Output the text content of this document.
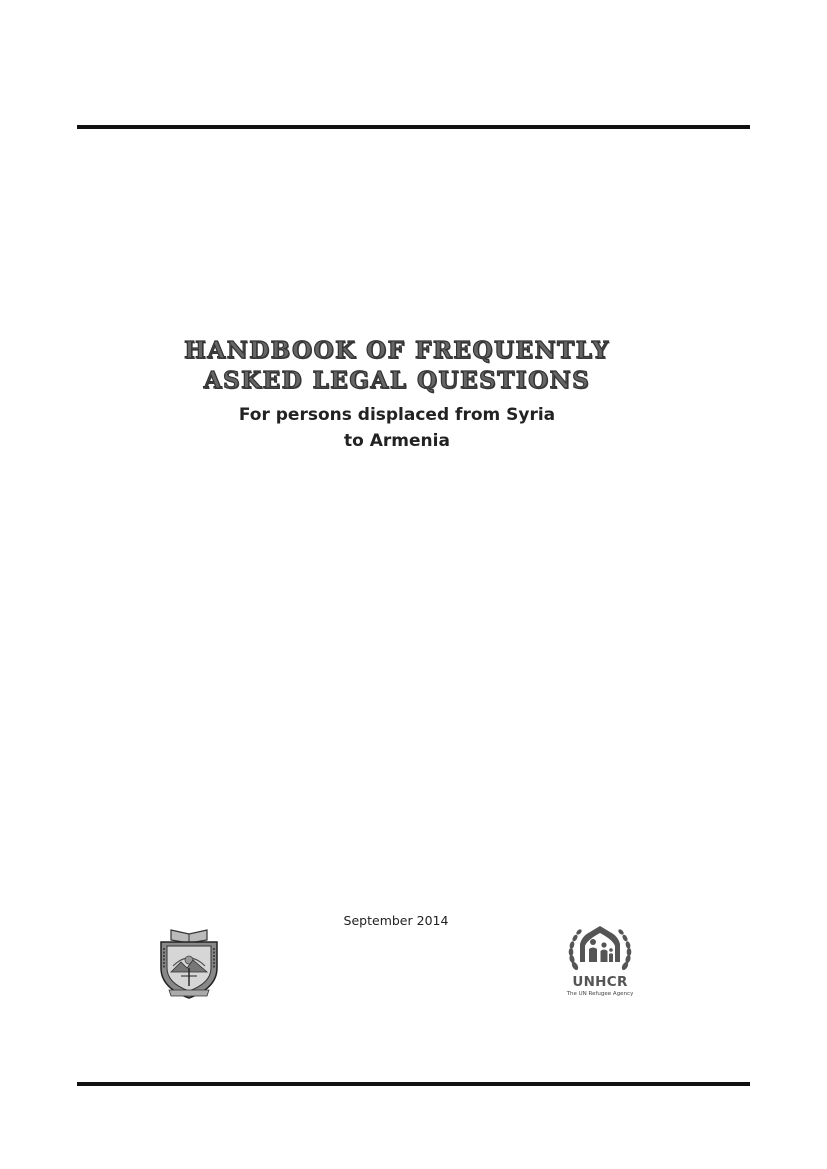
HANDBOOK OF FREQUENTLY
ASKED LEGAL QUESTIONS
For persons displaced from Syria
to Armenia
September 2014
UNHCR
The UN Refugee Agency
